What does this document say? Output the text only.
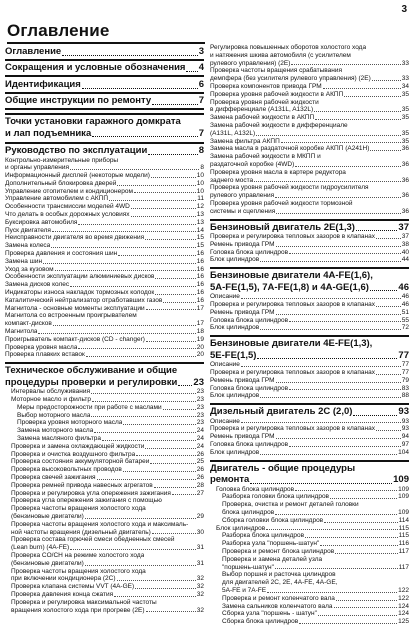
3
Оглавление
Оглавление	3
Сокращения и условные обозначения 4
Идентификация	6
Общие инструкции по ремонту	7
Точки установки гаражного домкрата
и лап подъемника	7
Руководство по эксплуатации	8
Контрольно-измерительные приборы
и органы управления	8
Информационный дисплей (некоторые модели)	10
Дополнительный блокировка дверей	10
Управление отопителем и кондиционером	10
Управление автомобилем с АКПП	11
Особенности трансмиссии моделей 4WD	12
Что делать в особых дорожных условиях	13
Буксировка автомобиля	13
Пуск двигателя	14
Неисправности двигателя во время движения	15
Замена колеса	15
Проверка давления и состояния шин	16
Замена шин	16
Уход за кузовом	16
Особенности эксплуатации алюминиевых дисков	16
Замена дисков колес	16
Индикаторы износа накладок тормозных колодок	16
Каталитический нейтрализатор отработавших газов	16
Магнитола - основные моменты эксплуатации	17
Магнитола со встроенным проигрывателем
компакт-дисков	17
Магнитола	18
Проигрыватель компакт-дисков (CD - changer)	19
Проверка уровня масла	20
Проверка плавких вставок	20
Техническое обслуживание и общие
процедуры проверки и регулировки 23
Интервалы обслуживания	23
Моторное масло и фильтр	23
Меры предосторожности при работе с маслами	23
Выбор моторного масла	23
Проверка уровня моторного масла	23
Замена моторного масла	24
Замена масляного фильтра	24
Проверка и замена охлаждающей жидкости	24
Проверка и очистка воздушного фильтра	26
Проверка состояния аккумуляторной батареи	25
Проверка высоковольтных проводов	26
Проверка свечей зажигания	26
Проверка ремней привода навесных агрегатов	28
Проверка и регулировка угла опережения зажигания	27
Проверка угла опережения зажигания с помощью
Проверка частоты вращения холостого хода
(бензиновые двигатели)	29
Проверка частоты вращения холостого хода и максималь-
ной частоты вращения (дизельный двигатель)	30
Проверка состава горючей смеси обедненных смесей
(Lean burn) (4A-FE)	31
Проверка CO/CH на режиме холостого хода
(бензиновые двигатели)	31
Проверка частоты вращения холостого хода
при включении кондиционера (2С)	32
Проверка клапана системы VVT (4A-GE)	32
Проверка давления конца сжатия	32
Проверка и регулировка максимальной частоты
вращения холостого хода при прогреве (2E)	32
Регулировка повышенных оборотов холостого хода
и натяжения шкива автомобиля (с усилителем
рулевого управления) (2E)	33
Проверка частоты вращения срабатывания
демпфера (без усилителя рулевого управления) (2E)	33
Проверка компонентов привода ГРМ	34
Проверка уровня рабочей жидкости в АКПП	35
Проверка уровня рабочей жидкости
в дифференциале (A131L, A132L)	35
Замена рабочей жидкости в АКПП	35
Замена рабочей жидкости в дифференциале
(A131L, A132L)	35
Замена фильтра АКПП	35
Замена масла в раздаточной коробке АКПП (A241H)	36
Замена рабочей жидкости в МКПП и
раздаточной коробке (4WD)	36
Проверка уровня масла в картере редуктора
заднего моста	36
Проверка уровня рабочей жидкости гидроусилителя
рулевого управления	36
Проверка уровня рабочей жидкости тормозной
системы и сцепления	36
Бензиновый двигатель 2E(1,3)	37
Проверка и регулировка тепловых зазоров в клапанах	37
Ремень привода ГРМ	38
Головка блока цилиндров	40
Блок цилиндров	44
Бензиновые двигатели 4A-FE(1,6),
5A-FE(1,5), 7A-FE(1,8) и 4A-GE(1,6)	46
Описание	46
Проверка и регулировка тепловых зазоров в клапанах	46
Ремень привода ГРМ	51
Головка блока цилиндров	55
Блок цилиндров	72
Бензиновые двигатели 4E-FE(1,3),
5E-FE(1,5)	77
Описание	77
Проверка и регулировка тепловых зазоров в клапанах	77
Ремень привода ГРМ	79
Головка блока цилиндров	83
Блок цилиндров	88
Дизельный двигатель 2C (2,0)	93
Описание	93
Проверка и регулировка тепловых зазоров в клапанах	93
Ремень привода ГРМ	94
Головка блока цилиндров	97
Блок цилиндров	104
Двигатель - общие процедуры
ремонта	109
Головка блока цилиндров	109
Разборка головки блока цилиндров	109
Проверка, очистка и ремонт деталей головки
блока цилиндров	109
Сборка головки блока цилиндров	114
Блок цилиндров	115
Разборка блока цилиндров	115
Разборка узла "поршень-шатун"	116
Проверка и ремонт блока цилиндров	117
Проверка и замена деталей узла
"поршень-шатун"	117
Выбор поршня и расточка цилиндров
для двигателей 2С, 2E, 4A-FE, 4A-GE,
5A-FE и 7A-FE	122
Проверка и ремонт коленчатого вала	122
Замена сальников коленчатого вала	124
Сборка узла "поршень - шатун"	124
Сборка блока цилиндров	125
